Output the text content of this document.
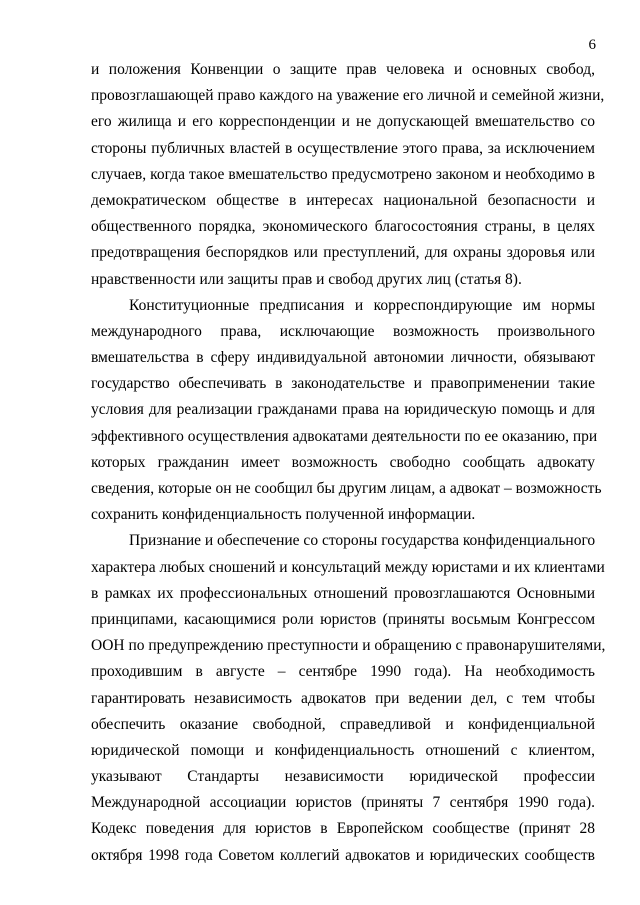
6

и положения Конвенции о защите прав человека и основных свобод,
провозглашающей право каждого на уважение его личной и семейной жизни,
его жилища и его корреспонденции и не допускающей вмешательство со
стороны публичных властей в осуществление этого права, за исключением
случаев, когда такое вмешательство предусмотрено законом и необходимо в
демократическом обществе в интересах национальной безопасности и
общественного порядка, экономического благосостояния страны, в целях
предотвращения беспорядков или преступлений, для охраны здоровья или
нравственности или защиты прав и свобод других лиц (статья 8).

Конституционные предписания и корреспондирующие им нормы
международного права, исключающие возможность произвольного
вмешательства в сферу индивидуальной автономии личности, обязывают
государство обеспечивать в законодательстве и правоприменении такие
условия для реализации гражданами права на юридическую помощь и для
эффективного осуществления адвокатами деятельности по ее оказанию, при
которых гражданин имеет возможность свободно сообщать адвокату
сведения, которые он не сообщил бы другим лицам, а адвокат – возможность
сохранить конфиденциальность полученной информации.

Признание и обеспечение со стороны государства конфиденциального
характера любых сношений и консультаций между юристами и их клиентами
в рамках их профессиональных отношений провозглашаются Основными
принципами, касающимися роли юристов (приняты восьмым Конгрессом
ООН по предупреждению преступности и обращению с правонарушителями,
проходившим в августе – сентябре 1990 года). На необходимость
гарантировать независимость адвокатов при ведении дел, с тем чтобы
обеспечить оказание свободной, справедливой и конфиденциальной
юридической помощи и конфиденциальность отношений с клиентом,
указывают Стандарты независимости юридической профессии
Международной ассоциации юристов (приняты 7 сентября 1990 года).
Кодекс поведения для юристов в Европейском сообществе (принят 28
октября 1998 года Советом коллегий адвокатов и юридических сообществ
